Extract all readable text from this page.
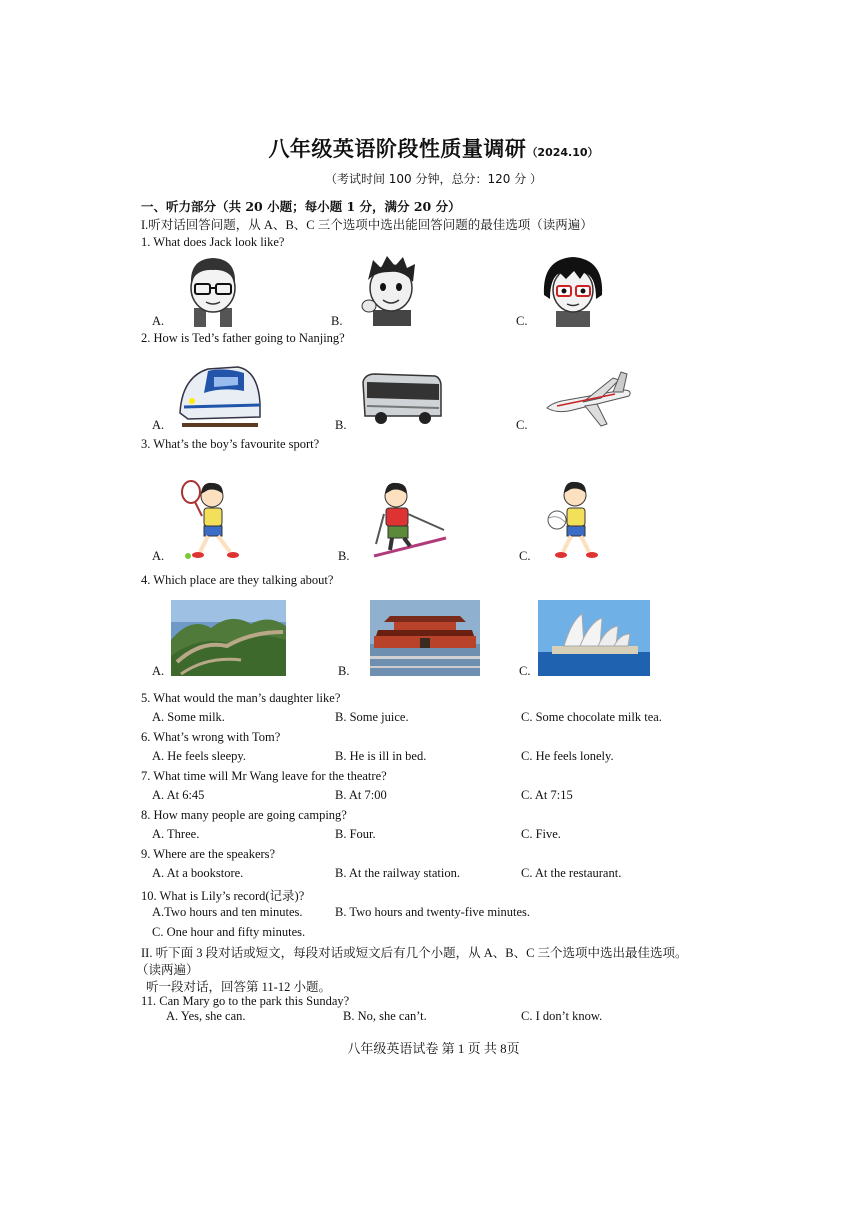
八年级英语阶段性质量调研（2024.10）
（考试时间 100 分钟，总分：120 分 ）
一、听力部分（共 20 小题；每小题 1 分，满分 20 分）
I.听对话回答问题，从 A、B、C 三个选项中选出能回答问题的最佳选项（读两遍）
1. What does Jack look like?
A.	B.	C.
2. How is Ted’s father going to Nanjing?
A.	B.	C.
3. What’s the boy’s favourite sport?
A.	B.	C.
4. Which place are they talking about?
A.	B.	C.
5. What would the man’s daughter like?
A. Some milk.	B. Some juice.	C. Some chocolate milk tea.
6. What’s wrong with Tom?
A. He feels sleepy.	B. He is ill in bed.	C. He feels lonely.
7. What time will Mr Wang leave for the theatre?
A. At 6:45	B. At 7:00	C. At 7:15
8. How many people are going camping?
A. Three.	B. Four.	C. Five.
9. Where are the speakers?
A. At a bookstore.	B. At the railway station.	C. At the restaurant.
10. What is Lily’s record(记录)?
A.Two hours and ten minutes.	B. Two hours and twenty-five minutes.
C. One hour and fifty minutes.
II. 听下面 3 段对话或短文，每段对话或短文后有几个小题，从 A、B、C 三个选项中选出最佳选项。
（读两遍）
听一段对话，回答第 11-12 小题。
11. Can Mary go to the park this Sunday?
A. Yes, she can.	B. No, she can’t.	C. I don’t know.
八年级英语试卷 第 1 页 共 8页
